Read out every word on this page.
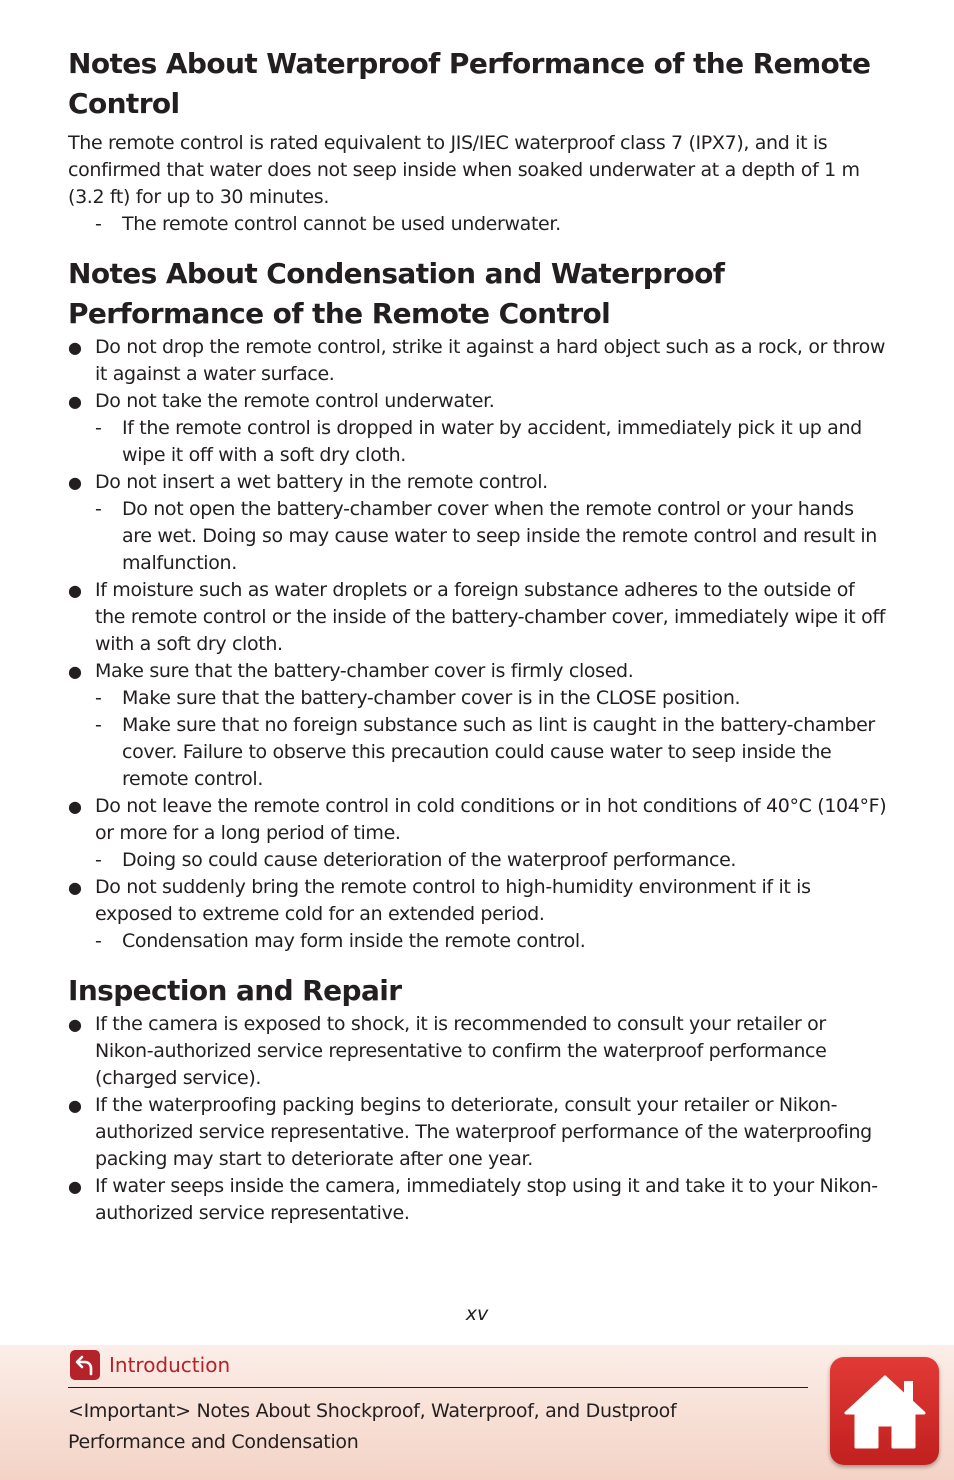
Notes About Waterproof Performance of the Remote
Control

The remote control is rated equivalent to JIS/IEC waterproof class 7 (IPX7), and it is confirmed that water does not seep inside when soaked underwater at a depth of 1 m (3.2 ft) for up to 30 minutes.

- The remote control cannot be used underwater.
Notes About Condensation and Waterproof
Performance of the Remote Control
● Do not drop the remote control, strike it against a hard object such as a rock, or throw it against a water surface.
● Do not take the remote control underwater.
- If the remote control is dropped in water by accident, immediately pick it up and wipe it off with a soft dry cloth.
● Do not insert a wet battery in the remote control.
- Do not open the battery-chamber cover when the remote control or your hands are wet. Doing so may cause water to seep inside the remote control and result in malfunction.
● If moisture such as water droplets or a foreign substance adheres to the outside of the remote control or the inside of the battery-chamber cover, immediately wipe it off with a soft dry cloth.
● Make sure that the battery-chamber cover is firmly closed.
- Make sure that the battery-chamber cover is in the CLOSE position.
- Make sure that no foreign substance such as lint is caught in the battery-chamber cover. Failure to observe this precaution could cause water to seep inside the remote control.
● Do not leave the remote control in cold conditions or in hot conditions of 40°C (104°F) or more for a long period of time.
- Doing so could cause deterioration of the waterproof performance.
● Do not suddenly bring the remote control to high-humidity environment if it is exposed to extreme cold for an extended period.
- Condensation may form inside the remote control.
Inspection and Repair
● If the camera is exposed to shock, it is recommended to consult your retailer or Nikon-authorized service representative to confirm the waterproof performance (charged service).
● If the waterproofing packing begins to deteriorate, consult your retailer or Nikon-authorized service representative. The waterproof performance of the waterproofing packing may start to deteriorate after one year.
● If water seeps inside the camera, immediately stop using it and take it to your Nikon-authorized service representative.
xv
Introduction
<Important> Notes About Shockproof, Waterproof, and Dustproof
Performance and Condensation
